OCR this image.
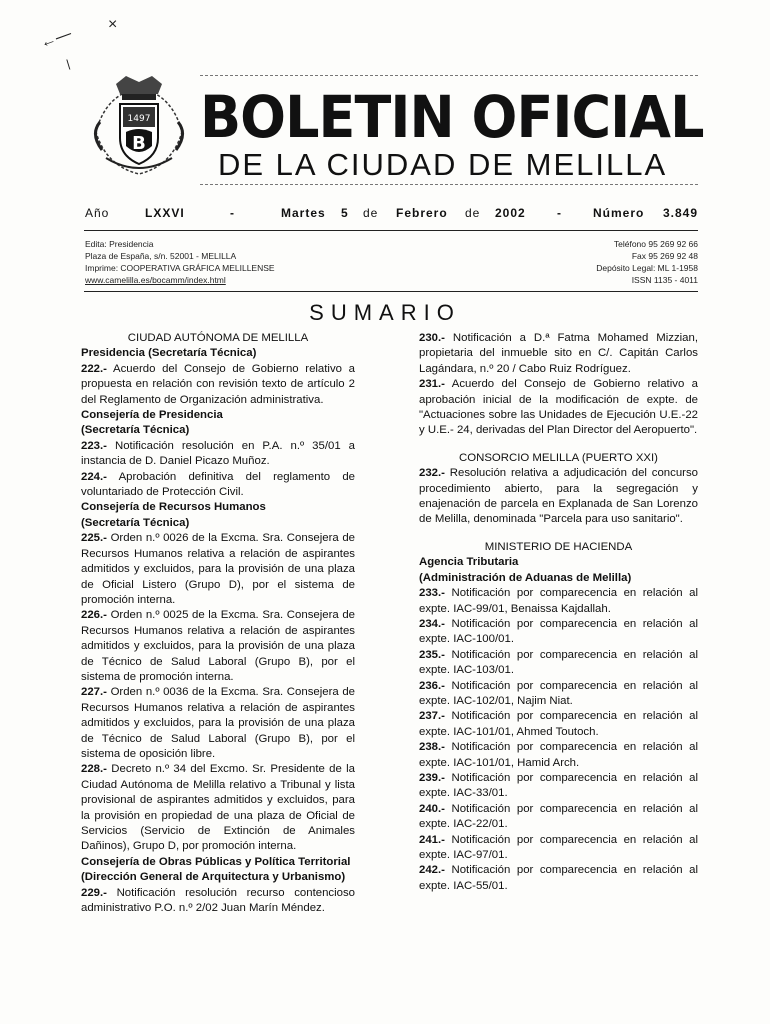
←—
×
∖
1497
B BOLETIN OFICIAL
DE LA CIUDAD DE MELILLA
Año	LXXVI	-	Martes 5 de Febrero de 2002	-	Número 3.849
Edita: Presidencia
Plaza de España, s/n. 52001 - MELILLA
Imprime: COOPERATIVA GRÁFICA MELILLENSE
www.camelilla.es/bocamm/index.html
Teléfono 95 269 92 66
Fax 95 269 92 48
Depósito Legal: ML 1-1958
ISSN 1135 - 4011
SUMARIO

CIUDAD AUTÓNOMA DE MELILLA

Presidencia (Secretaría Técnica)

222.- Acuerdo del Consejo de Gobierno relativo a propuesta en relación con revisión texto de artículo 2 del Reglamento de Organización administrativa.

Consejería de Presidencia

(Secretaría Técnica)

223.- Notificación resolución en P.A. n.º 35/01 a instancia de D. Daniel Picazo Muñoz.

224.- Aprobación definitiva del reglamento de voluntariado de Protección Civil.

Consejería de Recursos Humanos

(Secretaría Técnica)

225.- Orden n.º 0026 de la Excma. Sra. Consejera de Recursos Humanos relativa a relación de aspirantes admitidos y excluidos, para la provisión de una plaza de Oficial Listero (Grupo D), por el sistema de promoción interna.

226.- Orden n.º 0025 de la Excma. Sra. Consejera de Recursos Humanos relativa a relación de aspirantes admitidos y excluidos, para la provisión de una plaza de Técnico de Salud Laboral (Grupo B), por el sistema de promoción interna.

227.- Orden n.º 0036 de la Excma. Sra. Consejera de Recursos Humanos relativa a relación de aspirantes admitidos y excluidos, para la provisión de una plaza de Técnico de Salud Laboral (Grupo B), por el sistema de oposición libre.

228.- Decreto n.º 34 del Excmo. Sr. Presidente de la Ciudad Autónoma de Melilla relativo a Tribunal y lista provisional de aspirantes admitidos y excluidos, para la provisión en propiedad de una plaza de Oficial de Servicios (Servicio de Extinción de Animales Dañinos), Grupo D, por promoción interna.

Consejería de Obras Públicas y Política Territorial

(Dirección General de Arquitectura y Urbanismo)

229.- Notificación resolución recurso contencioso administrativo P.O. n.º 2/02 Juan Marín Méndez.

230.- Notificación a D.ª Fatma Mohamed Mizzian, propietaria del inmueble sito en C/. Capitán Carlos Lagándara, n.º 20 / Cabo Ruiz Rodríguez.

231.- Acuerdo del Consejo de Gobierno relativo a aprobación inicial de la modificación de expte. de "Actuaciones sobre las Unidades de Ejecución U.E.-22 y U.E.- 24, derivadas del Plan Director del Aeropuerto".

CONSORCIO MELILLA (PUERTO XXI)

232.- Resolución relativa a adjudicación del concurso procedimiento abierto, para la segregación y enajenación de parcela en Explanada de San Lorenzo de Melilla, denominada "Parcela para uso sanitario".

MINISTERIO DE HACIENDA

Agencia Tributaria

(Administración de Aduanas de Melilla)

233.- Notificación por comparecencia en relación al expte. IAC-99/01, Benaissa Kajdallah.

234.- Notificación por comparecencia en relación al expte. IAC-100/01.

235.- Notificación por comparecencia en relación al expte. IAC-103/01.

236.- Notificación por comparecencia en relación al expte. IAC-102/01, Najim Niat.

237.- Notificación por comparecencia en relación al expte. IAC-101/01, Ahmed Toutoch.

238.- Notificación por comparecencia en relación al expte. IAC-101/01, Hamid Arch.

239.- Notificación por comparecencia en relación al expte. IAC-33/01.

240.- Notificación por comparecencia en relación al expte. IAC-22/01.

241.- Notificación por comparecencia en relación al expte. IAC-97/01.

242.- Notificación por comparecencia en relación al expte. IAC-55/01.
